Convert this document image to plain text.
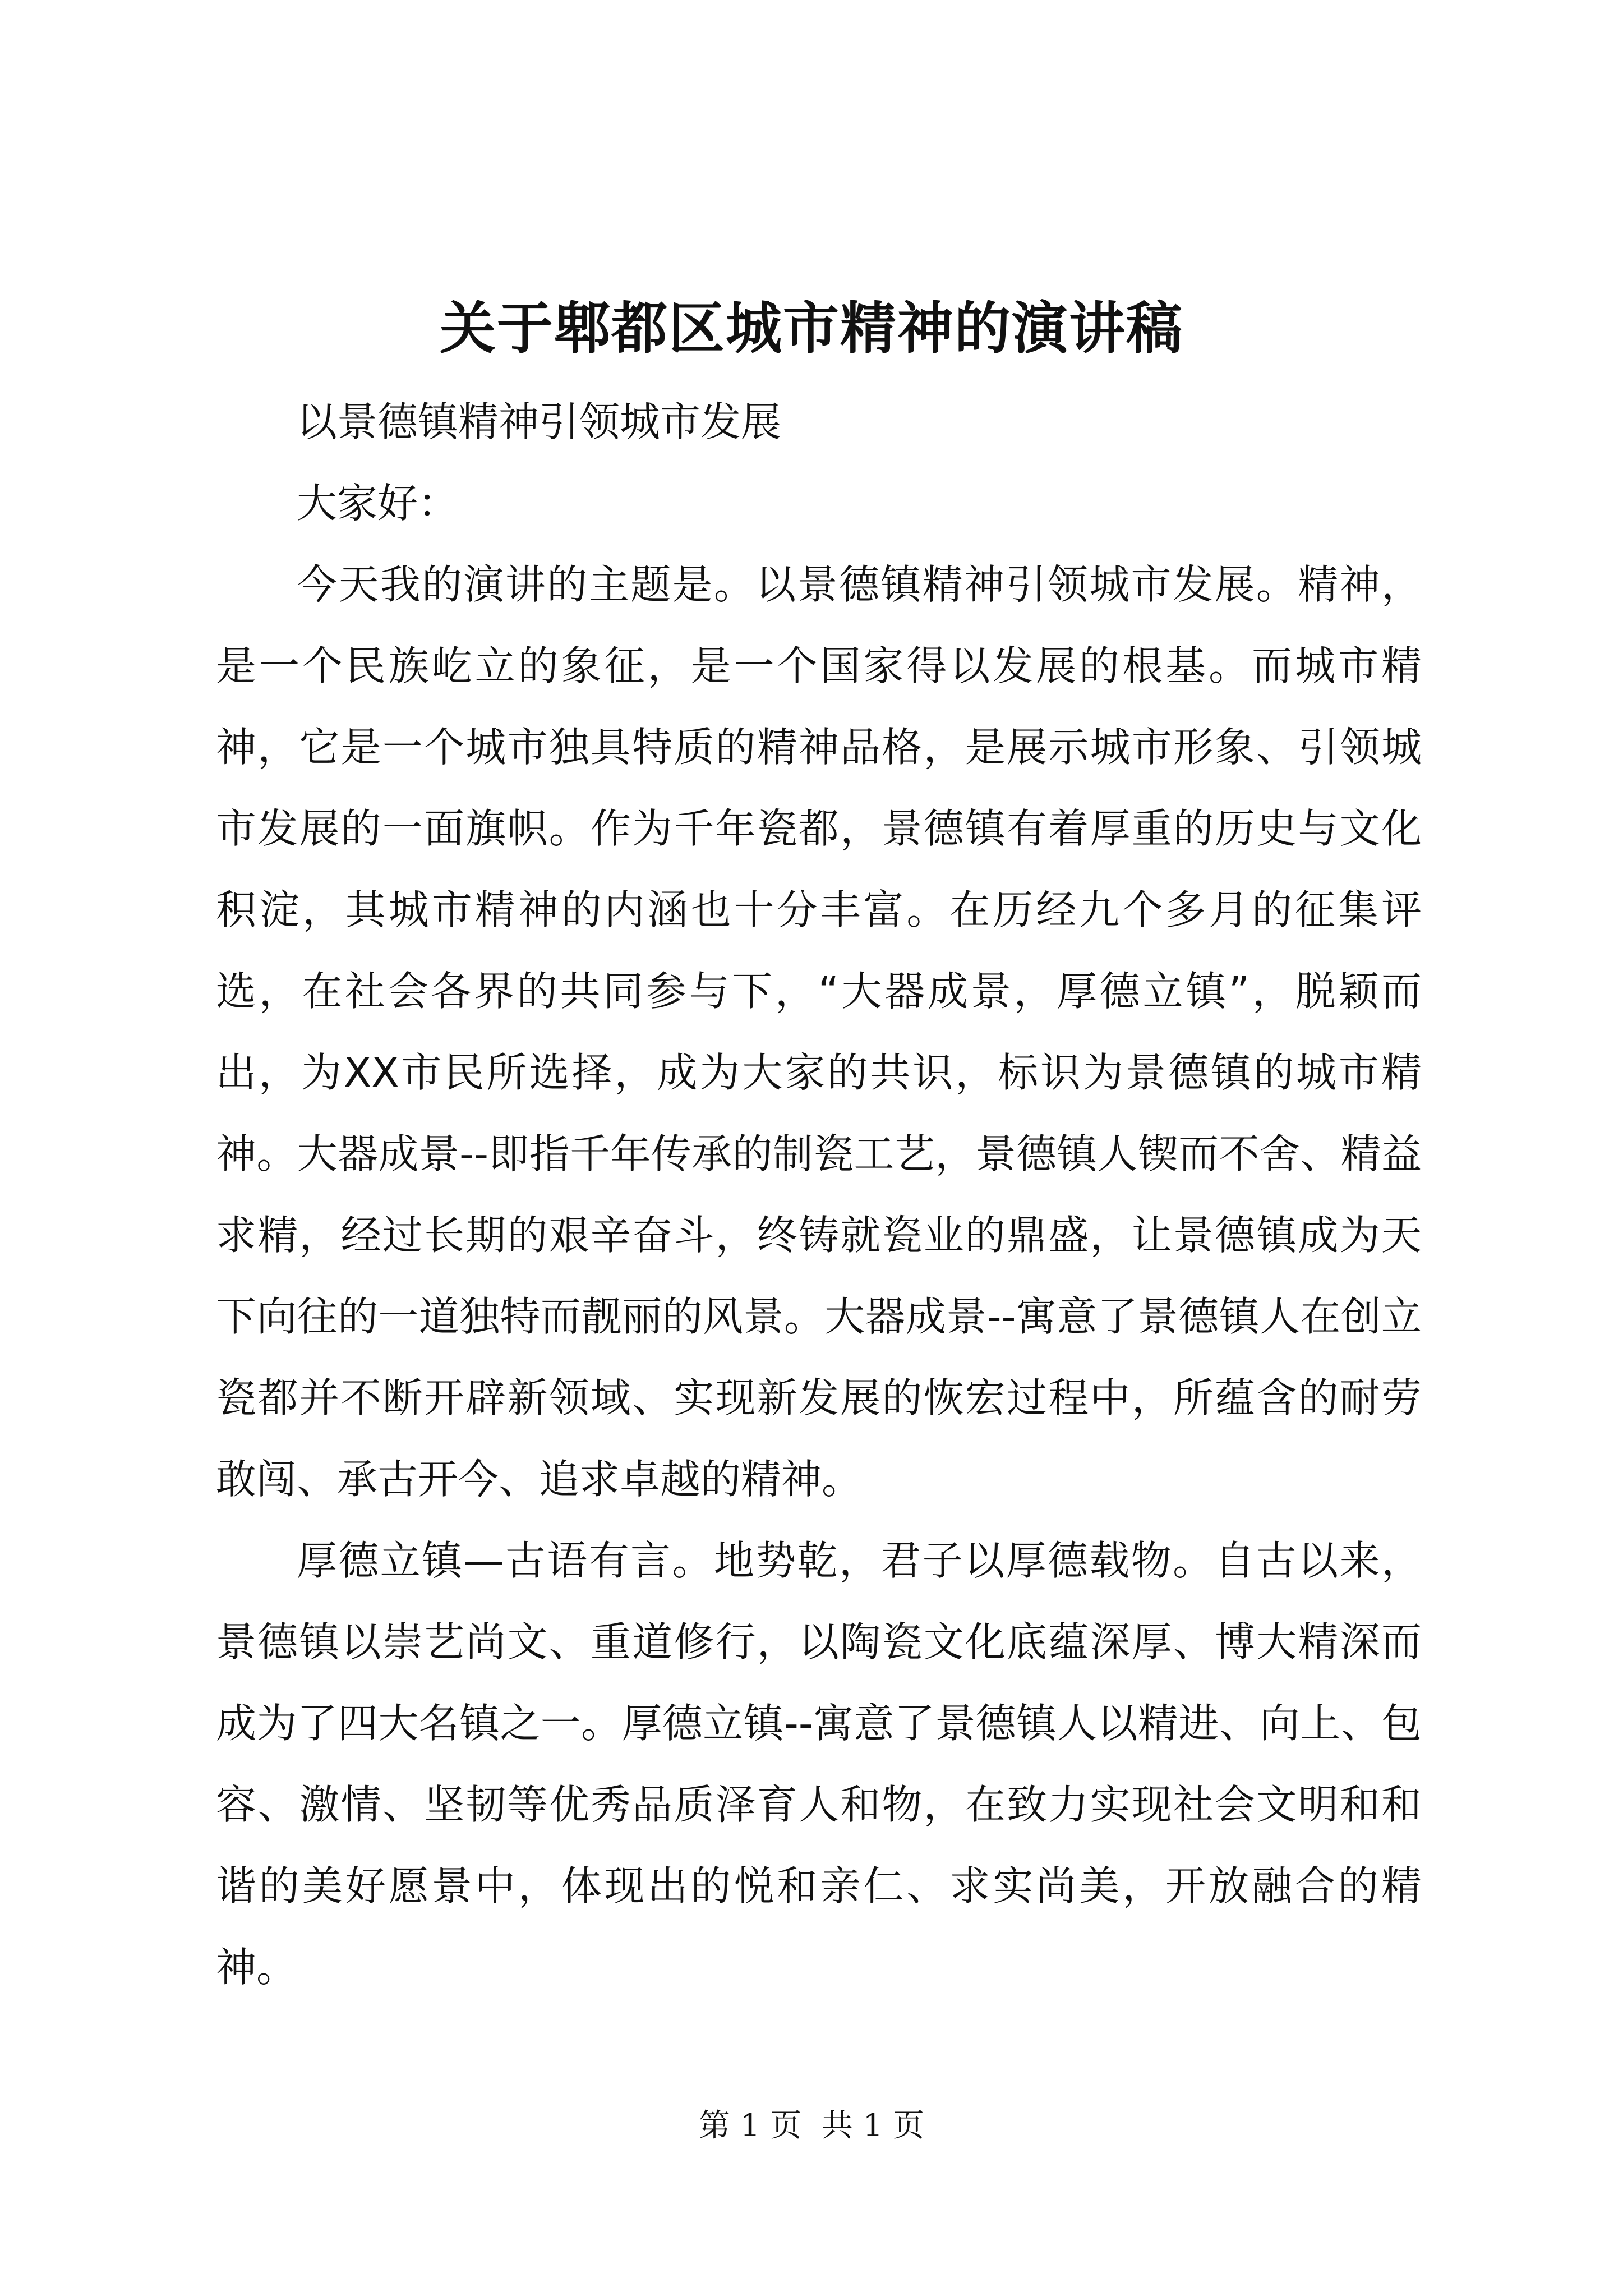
关于郫都区城市精神的演讲稿

以景德镇精神引领城市发展

大家好：

今天我的演讲的主题是。以景德镇精神引领城市发展。精神，是一个民族屹立的象征，是一个国家得以发展的根基。而城市精神，它是一个城市独具特质的精神品格，是展示城市形象、引领城市发展的一面旗帜。作为千年瓷都，景德镇有着厚重的历史与文化积淀，其城市精神的内涵也十分丰富。在历经九个多月的征集评选，在社会各界的共同参与下，“大器成景，厚德立镇”，脱颖而出，为XX市民所选择，成为大家的共识，标识为景德镇的城市精神。大器成景--即指千年传承的制瓷工艺，景德镇人锲而不舍、精益求精，经过长期的艰辛奋斗，终铸就瓷业的鼎盛，让景德镇成为天下向往的一道独特而靓丽的风景。大器成景--寓意了景德镇人在创立瓷都并不断开辟新领域、实现新发展的恢宏过程中，所蕴含的耐劳敢闯、承古开今、追求卓越的精神。

厚德立镇—古语有言。地势乾，君子以厚德载物。自古以来，景德镇以崇艺尚文、重道修行，以陶瓷文化底蕴深厚、博大精深而成为了四大名镇之一。厚德立镇--寓意了景德镇人以精进、向上、包容、激情、坚韧等优秀品质泽育人和物，在致力实现社会文明和和谐的美好愿景中，体现出的悦和亲仁、求实尚美，开放融合的精神。

第 1 页  共 1 页
